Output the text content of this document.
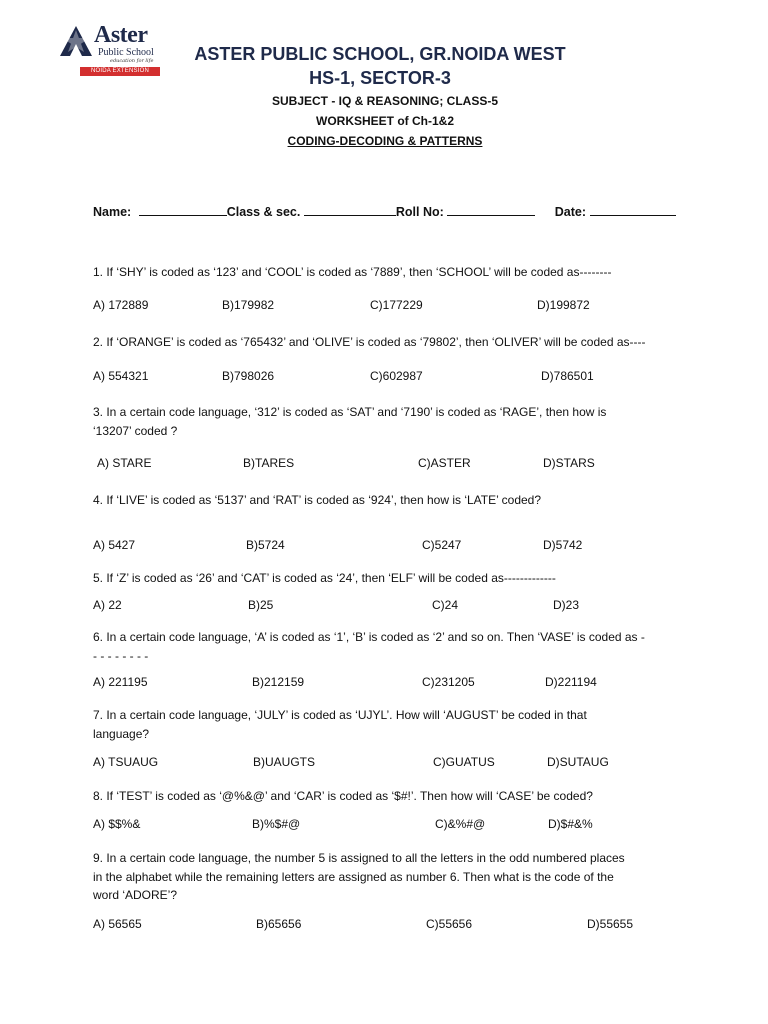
Aster
Public School
education for life
NOIDA EXTENSION
ASTER PUBLIC SCHOOL, GR.NOIDA WEST
HS-1, SECTOR-3
SUBJECT - IQ & REASONING; CLASS-5
WORKSHEET of Ch-1&2
CODING-DECODING & PATTERNS
Name:	Class & sec.	Roll No:	Date:
1. If ‘SHY’ is coded as ‘123’ and ‘COOL’ is coded as ‘7889’, then ‘SCHOOL’ will be coded as--------
A) 172889	B)179982	C)177229	D)199872
2. If ‘ORANGE’ is coded as ‘765432’ and ‘OLIVE’ is coded as ‘79802’, then ‘OLIVER’ will be coded as----
A) 554321	B)798026	C)602987	D)786501
3. In a certain code language, ‘312’ is coded as ‘SAT’ and ‘7190’ is coded as ‘RAGE’, then how is
‘13207’ coded ?
A) STARE	B)TARES	C)ASTER	D)STARS
4. If ‘LIVE’ is coded as ‘5137’ and ‘RAT’ is coded as ‘924’, then how is ‘LATE’ coded?
A) 5427	B)5724	C)5247	D)5742
5. If ‘Z’ is coded as ‘26’ and ‘CAT’ is coded as ‘24’, then ‘ELF’ will be coded as-------------
A) 22	B)25	C)24	D)23
6. In a certain code language, ‘A’ is coded as ‘1’, ‘B’ is coded as ‘2’ and so on. Then ‘VASE’ is coded as -
- - - - - - - -
A) 221195	B)212159	C)231205	D)221194
7. In a certain code language, ‘JULY’ is coded as ‘UJYL’. How will ‘AUGUST’ be coded in that
language?
A) TSUAUG	B)UAUGTS	C)GUATUS	D)SUTAUG
8. If ‘TEST’ is coded as ‘@%&@’ and ‘CAR’ is coded as ‘$#!’. Then how will ‘CASE’ be coded?
A) $$%&	B)%$#@	C)&%#@	D)$#&%
9. In a certain code language, the number 5 is assigned to all the letters in the odd numbered places
in the alphabet while the remaining letters are assigned as number 6. Then what is the code of the
word ‘ADORE’?
A) 56565	B)65656	C)55656	D)55655
